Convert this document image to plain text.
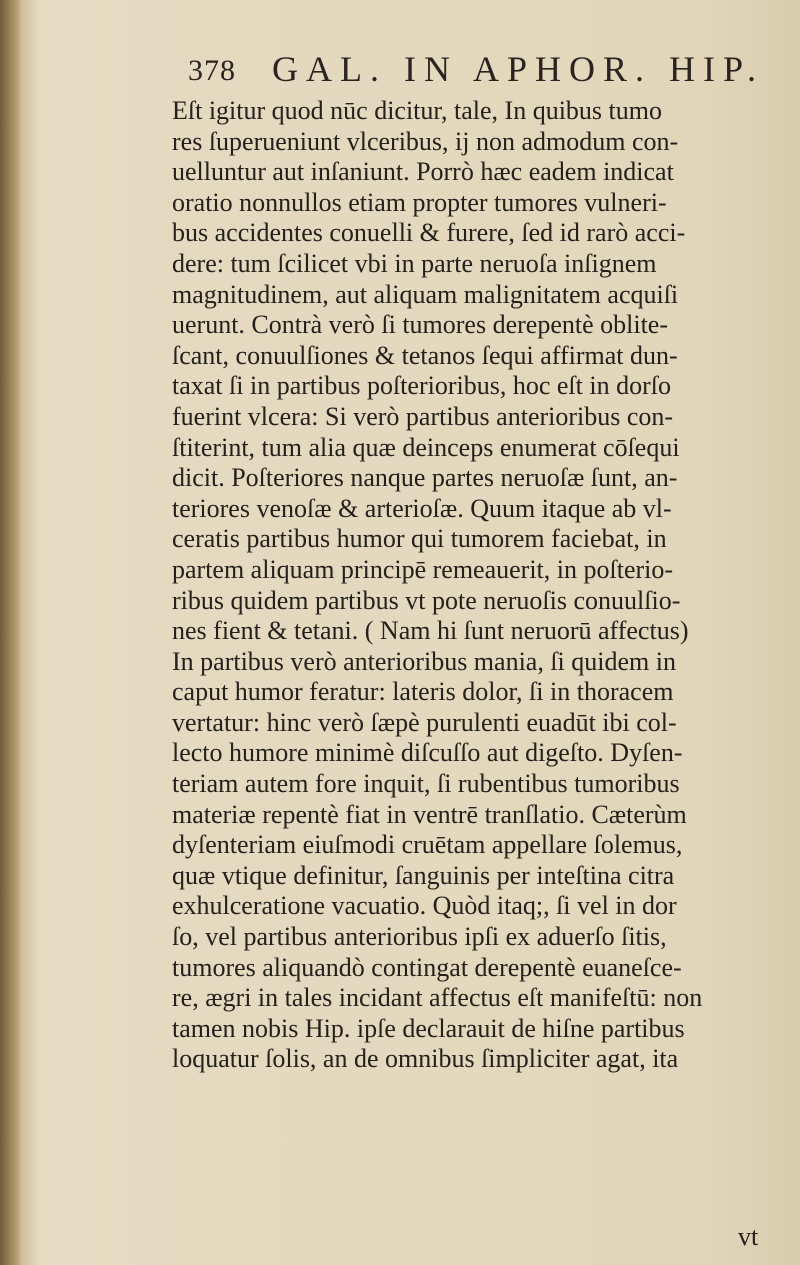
378 GAL. IN APHOR. HIP.
Eſt igitur quod nūc dicitur, tale, In quibus tumo
res ſuperueniunt vlceribus, ij non admodum con-
uelluntur aut inſaniunt. Porrò hæc eadem indicat
oratio nonnullos etiam propter tumores vulneri-
bus accidentes conuelli & furere, ſed id rarò acci-
dere: tum ſcilicet vbi in parte neruoſa inſignem
magnitudinem, aut aliquam malignitatem acquiſi
uerunt. Contrà verò ſi tumores derepentè oblite-
ſcant, conuulſiones & tetanos ſequi affirmat dun-
taxat ſi in partibus poſterioribus, hoc eſt in dorſo
fuerint vlcera: Si verò partibus anterioribus con-
ſtiterint, tum alia quæ deinceps enumerat cōſequi
dicit. Poſteriores nanque partes neruoſæ ſunt, an-
teriores venoſæ & arterioſæ. Quum itaque ab vl-
ceratis partibus humor qui tumorem faciebat, in
partem aliquam principē remeauerit, in poſterio-
ribus quidem partibus vt pote neruoſis conuulſio-
nes fient & tetani. ( Nam hi ſunt neruorū affectus)
In partibus verò anterioribus mania, ſi quidem in
caput humor feratur: lateris dolor, ſi in thoracem
vertatur: hinc verò ſæpè purulenti euadūt ibi col-
lecto humore minimè diſcuſſo aut digeſto. Dyſen-
teriam autem fore inquit, ſi rubentibus tumoribus
materiæ repentè fiat in ventrē tranſlatio. Cæterùm
dyſenteriam eiuſmodi cruētam appellare ſolemus,
quæ vtique definitur, ſanguinis per inteſtina citra
exhulceratione vacuatio. Quòd itaq;, ſi vel in dor
ſo, vel partibus anterioribus ipſi ex aduerſo ſitis,
tumores aliquandò contingat derepentè euaneſce-
re, ægri in tales incidant affectus eſt manifeſtū: non
tamen nobis Hip. ipſe declarauit de hiſne partibus
loquatur ſolis, an de omnibus ſimpliciter agat, ita
vt
